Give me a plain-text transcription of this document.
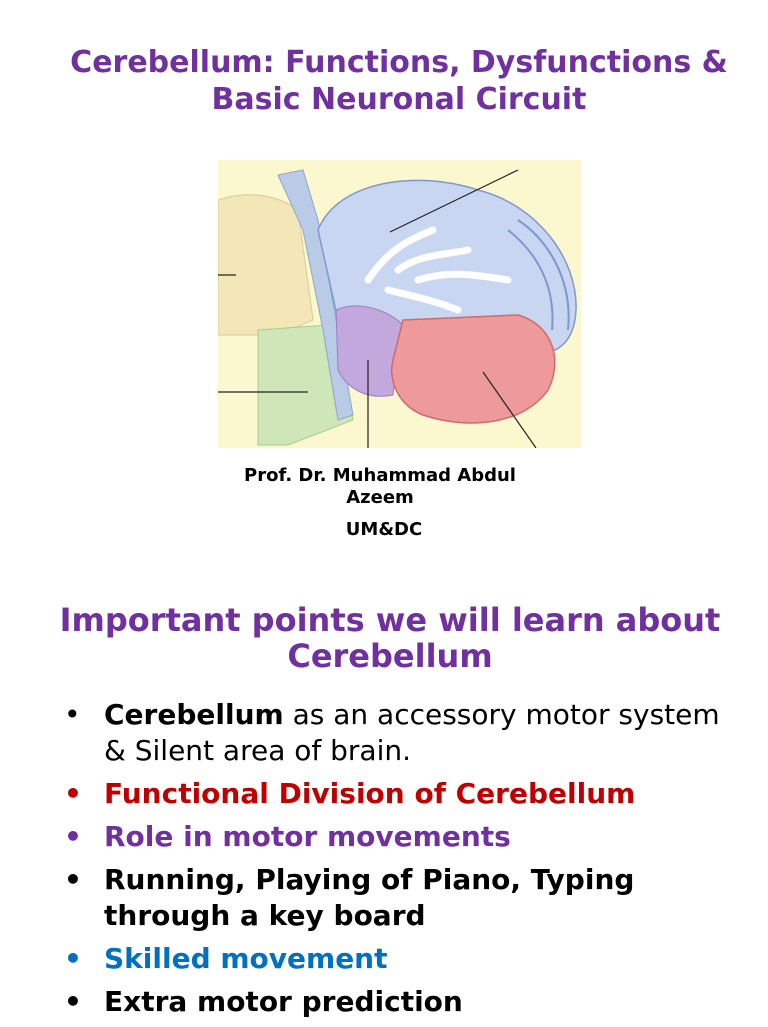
Cerebellum: Functions, Dysfunctions & Basic Neuronal Circuit
Prof. Dr. Muhammad Abdul Azeem
UM&DC
Important points we will learn about Cerebellum
• Cerebellum as an accessory motor system & Silent area of brain.
• Functional Division of Cerebellum
• Role in motor movements
• Running, Playing of Piano, Typing through a key board
• Skilled movement
• Extra motor prediction
